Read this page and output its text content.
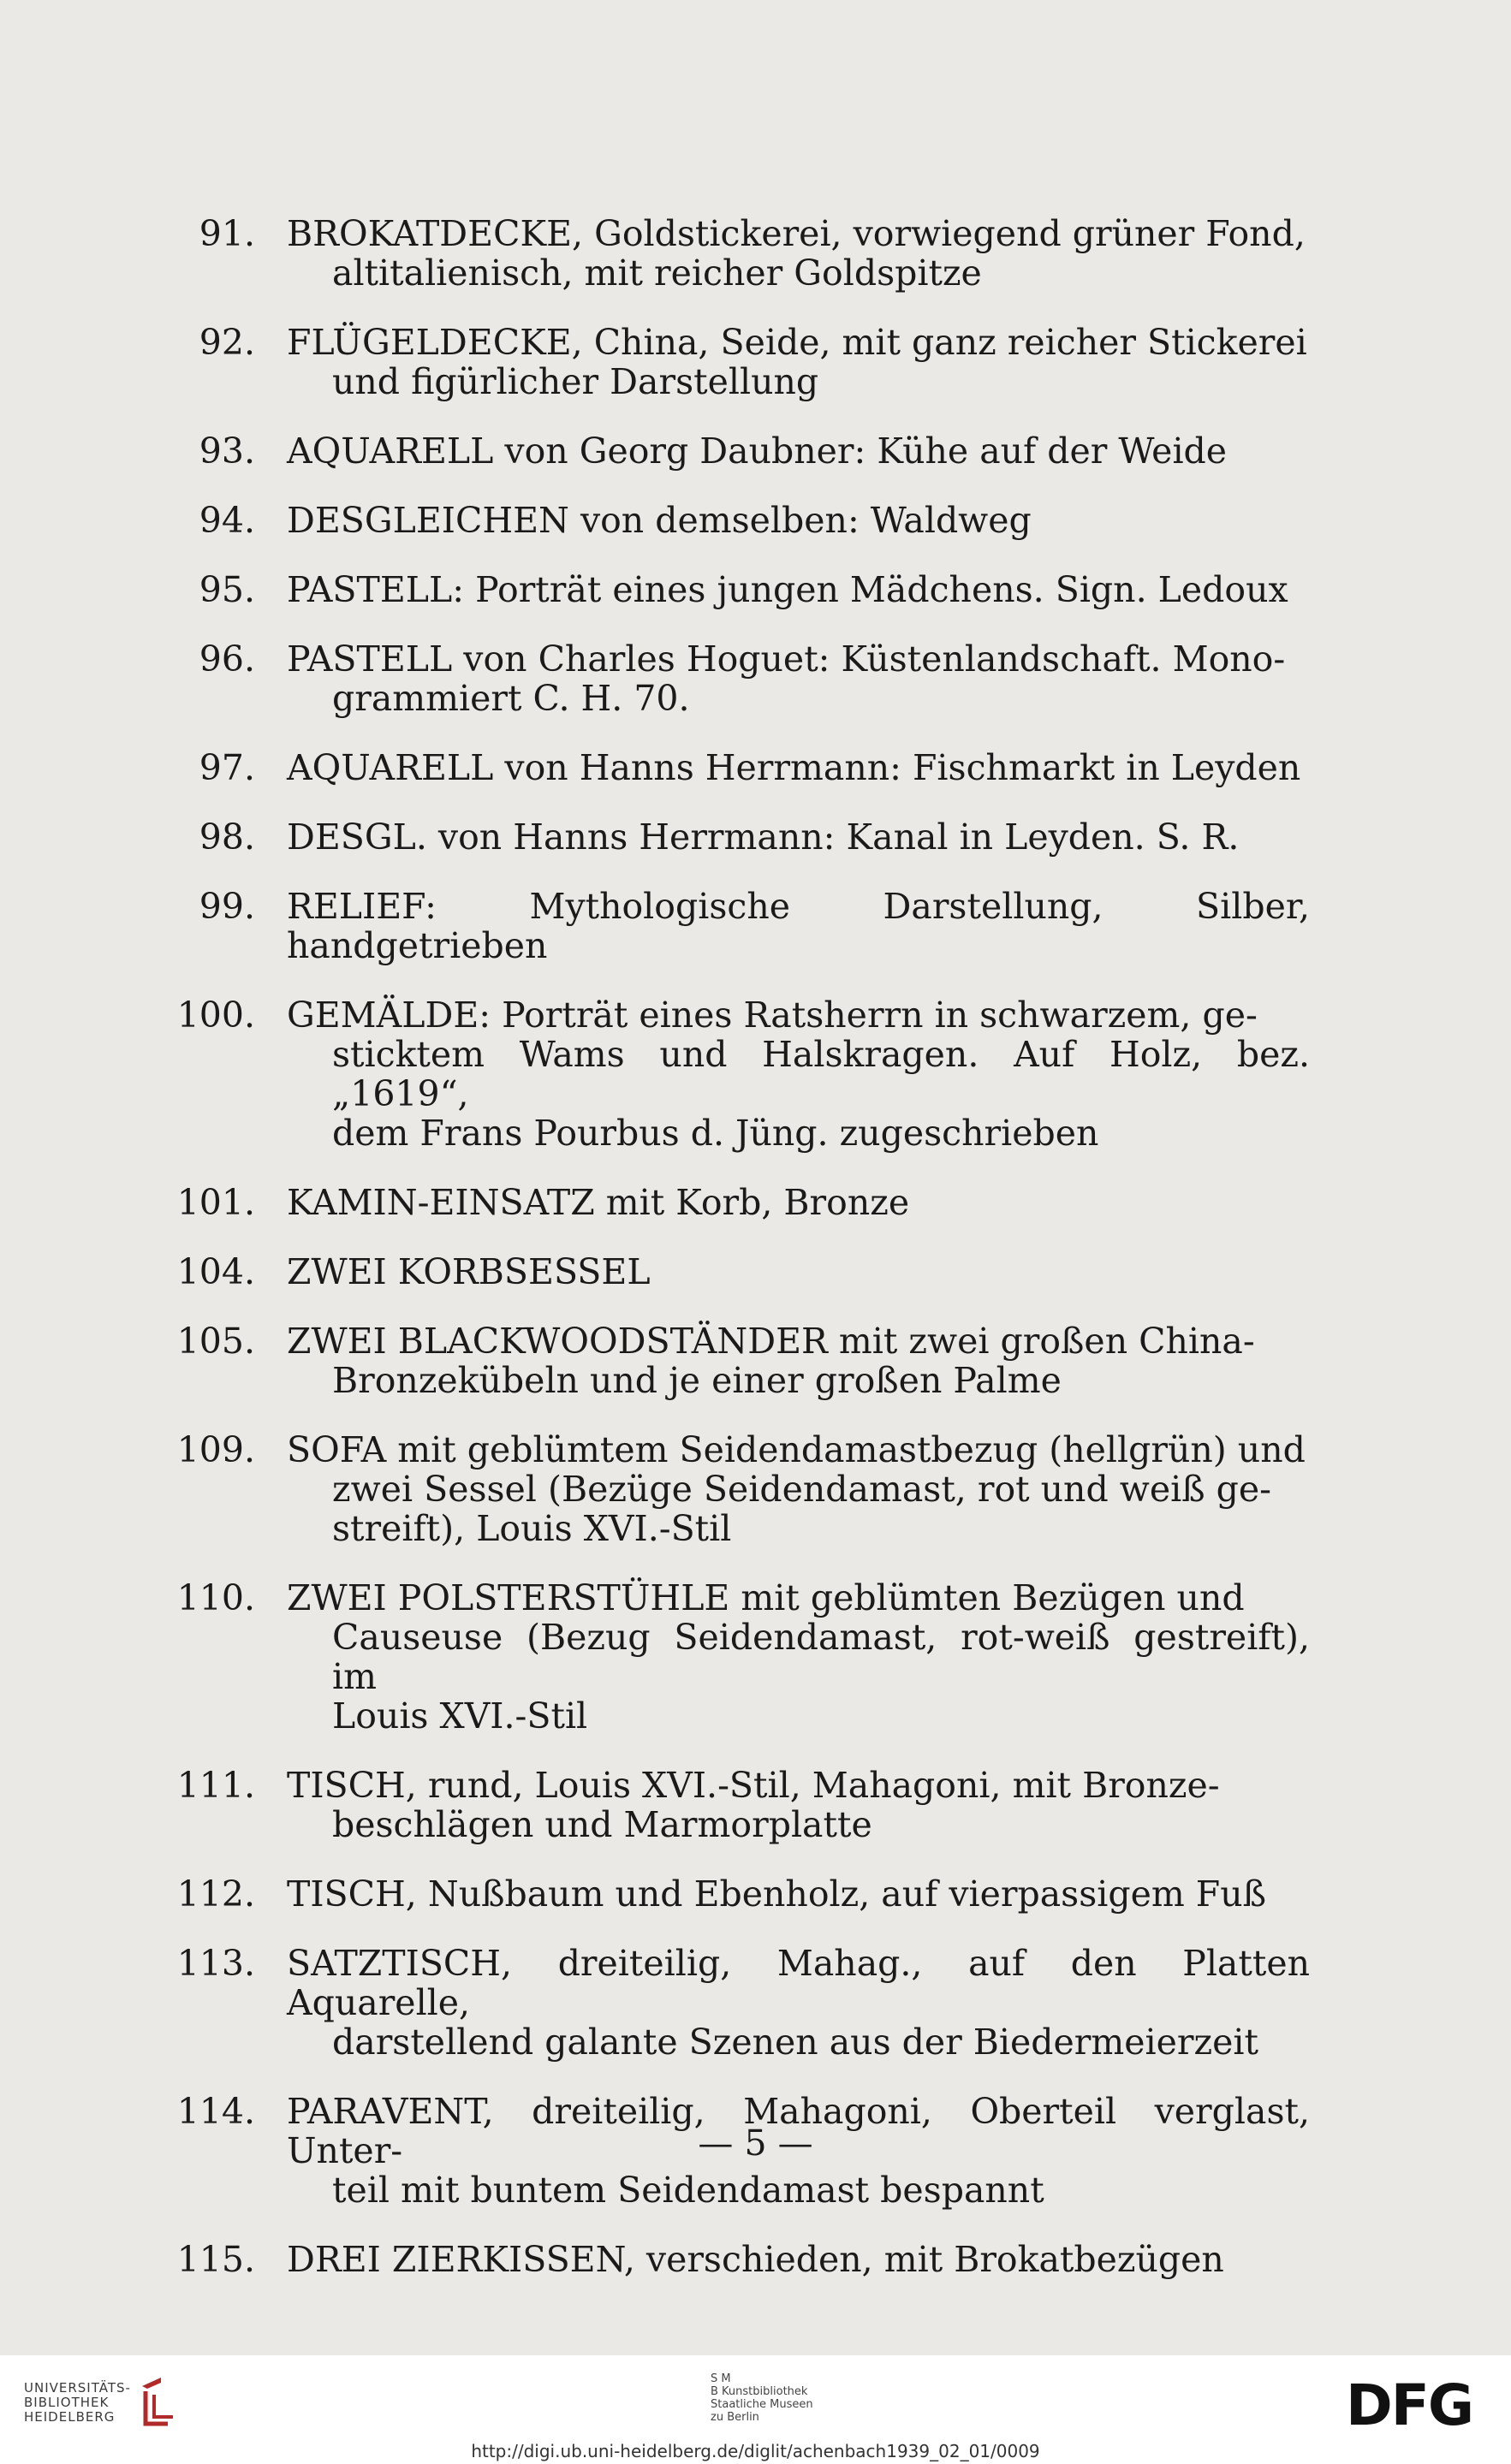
91. BROKATDECKE, Goldstickerei, vorwiegend grüner Fond,
altitalienisch, mit reicher Goldspitze
92. FLÜGELDECKE, China, Seide, mit ganz reicher Stickerei
und figürlicher Darstellung
93. AQUARELL von Georg Daubner: Kühe auf der Weide
94. DESGLEICHEN von demselben: Waldweg
95. PASTELL: Porträt eines jungen Mädchens. Sign. Ledoux
96. PASTELL von Charles Hoguet: Küstenlandschaft. Mono-
grammiert C. H. 70.
97. AQUARELL von Hanns Herrmann: Fischmarkt in Leyden
98. DESGL. von Hanns Herrmann: Kanal in Leyden. S. R.
99. RELIEF: Mythologische Darstellung, Silber, handgetrieben
100. GEMÄLDE: Porträt eines Ratsherrn in schwarzem, ge-
sticktem Wams und Halskragen. Auf Holz, bez. „1619“,
dem Frans Pourbus d. Jüng. zugeschrieben
101. KAMIN-EINSATZ mit Korb, Bronze
104. ZWEI KORBSESSEL
105. ZWEI BLACKWOODSTÄNDER mit zwei großen China-
Bronzekübeln und je einer großen Palme
109. SOFA mit geblümtem Seidendamastbezug (hellgrün) und
zwei Sessel (Bezüge Seidendamast, rot und weiß ge-
streift), Louis XVI.-Stil
110. ZWEI POLSTERSTÜHLE mit geblümten Bezügen und
Causeuse (Bezug Seidendamast, rot-weiß gestreift), im
Louis XVI.-Stil
111. TISCH, rund, Louis XVI.-Stil, Mahagoni, mit Bronze-
beschlägen und Marmorplatte
112. TISCH, Nußbaum und Ebenholz, auf vierpassigem Fuß
113. SATZTISCH, dreiteilig, Mahag., auf den Platten Aquarelle,
darstellend galante Szenen aus der Biedermeierzeit
114. PARAVENT, dreiteilig, Mahagoni, Oberteil verglast, Unter-
teil mit buntem Seidendamast bespannt
115. DREI ZIERKISSEN, verschieden, mit Brokatbezügen
— 5 —
UNIVERSITÄTS-
BIBLIOTHEK
HEIDELBERG
S M
B Kunstbibliothek
Staatliche Museen
zu Berlin	DFG
http://digi.ub.uni-heidelberg.de/diglit/achenbach1939_02_01/0009
